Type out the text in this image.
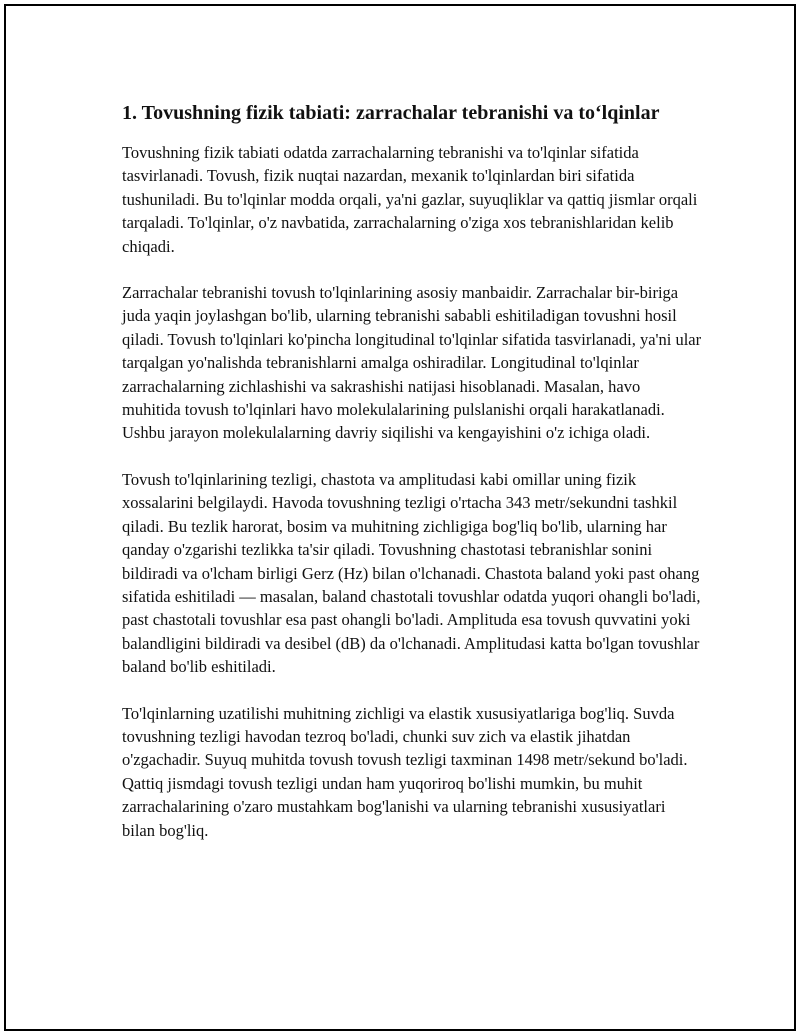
1. Tovushning fizik tabiati: zarrachalar tebranishi va to‘lqinlar

Tovushning fizik tabiati odatda zarrachalarning tebranishi va to'lqinlar sifatida tasvirlanadi. Tovush, fizik nuqtai nazardan, mexanik to'lqinlardan biri sifatida tushuniladi. Bu to'lqinlar modda orqali, ya'ni gazlar, suyuqliklar va qattiq jismlar orqali tarqaladi. To'lqinlar, o'z navbatida, zarrachalarning o'ziga xos tebranishlaridan kelib chiqadi.

Zarrachalar tebranishi tovush to'lqinlarining asosiy manbaidir. Zarrachalar bir-biriga juda yaqin joylashgan bo'lib, ularning tebranishi sababli eshitiladigan tovushni hosil qiladi. Tovush to'lqinlari ko'pincha longitudinal to'lqinlar sifatida tasvirlanadi, ya'ni ular tarqalgan yo'nalishda tebranishlarni amalga oshiradilar. Longitudinal to'lqinlar zarrachalarning zichlashishi va sakrashishi natijasi hisoblanadi. Masalan, havo muhitida tovush to'lqinlari havo molekulalarining pulslanishi orqali harakatlanadi. Ushbu jarayon molekulalarning davriy siqilishi va kengayishini o'z ichiga oladi.

Tovush to'lqinlarining tezligi, chastota va amplitudasi kabi omillar uning fizik xossalarini belgilaydi. Havoda tovushning tezligi o'rtacha 343 metr/sekundni tashkil qiladi. Bu tezlik harorat, bosim va muhitning zichligiga bog'liq bo'lib, ularning har qanday o'zgarishi tezlikka ta'sir qiladi. Tovushning chastotasi tebranishlar sonini bildiradi va o'lcham birligi Gerz (Hz) bilan o'lchanadi. Chastota baland yoki past ohang sifatida eshitiladi — masalan, baland chastotali tovushlar odatda yuqori ohangli bo'ladi, past chastotali tovushlar esa past ohangli bo'ladi. Amplituda esa tovush quvvatini yoki balandligini bildiradi va desibel (dB) da o'lchanadi. Amplitudasi katta bo'lgan tovushlar baland bo'lib eshitiladi.

To'lqinlarning uzatilishi muhitning zichligi va elastik xususiyatlariga bog'liq. Suvda tovushning tezligi havodan tezroq bo'ladi, chunki suv zich va elastik jihatdan o'zgachadir. Suyuq muhitda tovush tovush tezligi taxminan 1498 metr/sekund bo'ladi. Qattiq jismdagi tovush tezligi undan ham yuqoriroq bo'lishi mumkin, bu muhit zarrachalarining o'zaro mustahkam bog'lanishi va ularning tebranishi xususiyatlari bilan bog'liq.
